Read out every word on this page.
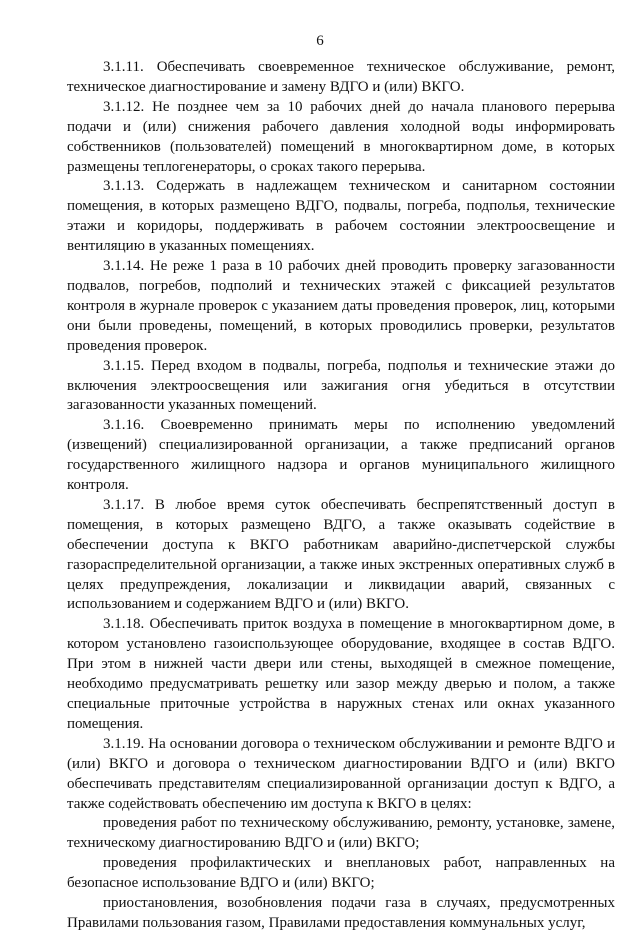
6

3.1.11. Обеспечивать своевременное техническое обслуживание, ремонт, техническое диагностирование и замену ВДГО и (или) ВКГО.

3.1.12. Не позднее чем за 10 рабочих дней до начала планового перерыва подачи и (или) снижения рабочего давления холодной воды информировать собственников (пользователей) помещений в многоквартирном доме, в которых размещены теплогенераторы, о сроках такого перерыва.

3.1.13. Содержать в надлежащем техническом и санитарном состоянии помещения, в которых размещено ВДГО, подвалы, погреба, подполья, технические этажи и коридоры, поддерживать в рабочем состоянии электроосвещение и вентиляцию в указанных помещениях.

3.1.14. Не реже 1 раза в 10 рабочих дней проводить проверку загазованности подвалов, погребов, подполий и технических этажей с фиксацией результатов контроля в журнале проверок с указанием даты проведения проверок, лиц, которыми они были проведены, помещений, в которых проводились проверки, результатов проведения проверок.

3.1.15. Перед входом в подвалы, погреба, подполья и технические этажи до включения электроосвещения или зажигания огня убедиться в отсутствии загазованности указанных помещений.

3.1.16. Своевременно принимать меры по исполнению уведомлений (извещений) специализированной организации, а также предписаний органов государственного жилищного надзора и органов муниципального жилищного контроля.

3.1.17. В любое время суток обеспечивать беспрепятственный доступ в помещения, в которых размещено ВДГО, а также оказывать содействие в обеспечении доступа к ВКГО работникам аварийно-диспетчерской службы газораспределительной организации, а также иных экстренных оперативных служб в целях предупреждения, локализации и ликвидации аварий, связанных с использованием и содержанием ВДГО и (или) ВКГО.

3.1.18. Обеспечивать приток воздуха в помещение в многоквартирном доме, в котором установлено газоиспользующее оборудование, входящее в состав ВДГО. При этом в нижней части двери или стены, выходящей в смежное помещение, необходимо предусматривать решетку или зазор между дверью и полом, а также специальные приточные устройства в наружных стенах или окнах указанного помещения.

3.1.19. На основании договора о техническом обслуживании и ремонте ВДГО и (или) ВКГО и договора о техническом диагностировании ВДГО и (или) ВКГО обеспечивать представителям специализированной организации доступ к ВДГО, а также содействовать обеспечению им доступа к ВКГО в целях:

проведения работ по техническому обслуживанию, ремонту, установке, замене, техническому диагностированию ВДГО и (или) ВКГО;

проведения профилактических и внеплановых работ, направленных на безопасное использование ВДГО и (или) ВКГО;

приостановления, возобновления подачи газа в случаях, предусмотренных Правилами пользования газом, Правилами предоставления коммунальных услуг,
